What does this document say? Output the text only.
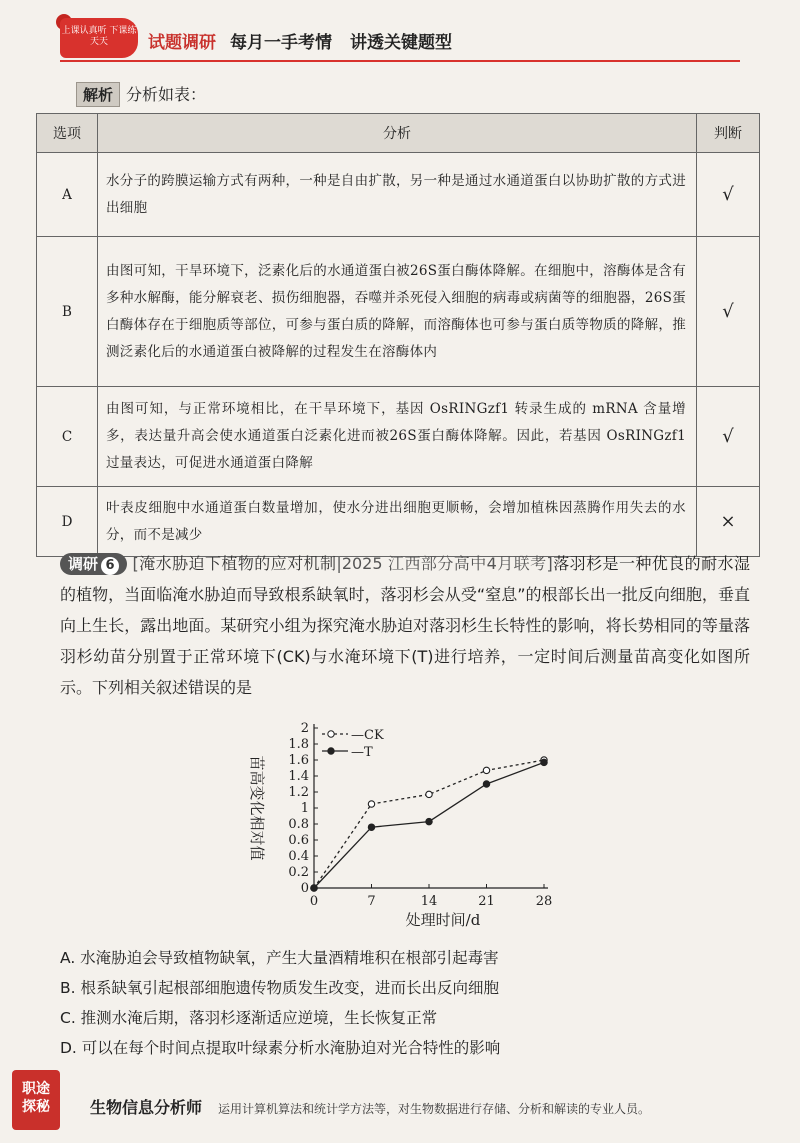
上课认真听 下课练天天	试题调研 每月一手考情 讲透关键题型
解析 分析如表：
选项	分析	判断
A	水分子的跨膜运输方式有两种，一种是自由扩散，另一种是通过水通道蛋白以协助扩散的方式进出细胞	√
B	由图可知，干旱环境下，泛素化后的水通道蛋白被26S蛋白酶体降解。在细胞中，溶酶体是含有多种水解酶，能分解衰老、损伤细胞器，吞噬并杀死侵入细胞的病毒或病菌等的细胞器，26S蛋白酶体存在于细胞质等部位，可参与蛋白质的降解，而溶酶体也可参与蛋白质等物质的降解，推测泛素化后的水通道蛋白被降解的过程发生在溶酶体内	√
C	由图可知，与正常环境相比，在干旱环境下，基因 OsRINGzf1 转录生成的 mRNA 含量增多，表达量升高会使水通道蛋白泛素化进而被26S蛋白酶体降解。因此，若基因 OsRINGzf1 过量表达，可促进水通道蛋白降解	√
D	叶表皮细胞中水通道蛋白数量增加，使水分进出细胞更顺畅，会增加植株因蒸腾作用失去的水分，而不是减少	×
调研 6 [淹水胁迫下植物的应对机制|2025 江西部分高中4月联考]落羽杉是一种优良的耐水湿的植物，当面临淹水胁迫而导致根系缺氧时，落羽杉会从受“窒息”的根部长出一批反向细胞，垂直向上生长，露出地面。某研究小组为探究淹水胁迫对落羽杉生长特性的影响，将长势相同的等量落羽杉幼苗分别置于正常环境下(CK)与水淹环境下(T)进行培养，一定时间后测量苗高变化如图所示。下列相关叙述错误的是
0
0.2
0.4
0.6
0.8
1
1.2
1.4
1.6
1.8
2
0	7	14	21	28
—CK
—T
苗高变化相对值
处理时间/d
A. 水淹胁迫会导致植物缺氧，产生大量酒精堆积在根部引起毒害
B. 根系缺氧引起根部细胞遗传物质发生改变，进而长出反向细胞
C. 推测水淹后期，落羽杉逐渐适应逆境，生长恢复正常
D. 可以在每个时间点提取叶绿素分析水淹胁迫对光合特性的影响
职途探秘	生物信息分析师 运用计算机算法和统计学方法等，对生物数据进行存储、分析和解读的专业人员。
